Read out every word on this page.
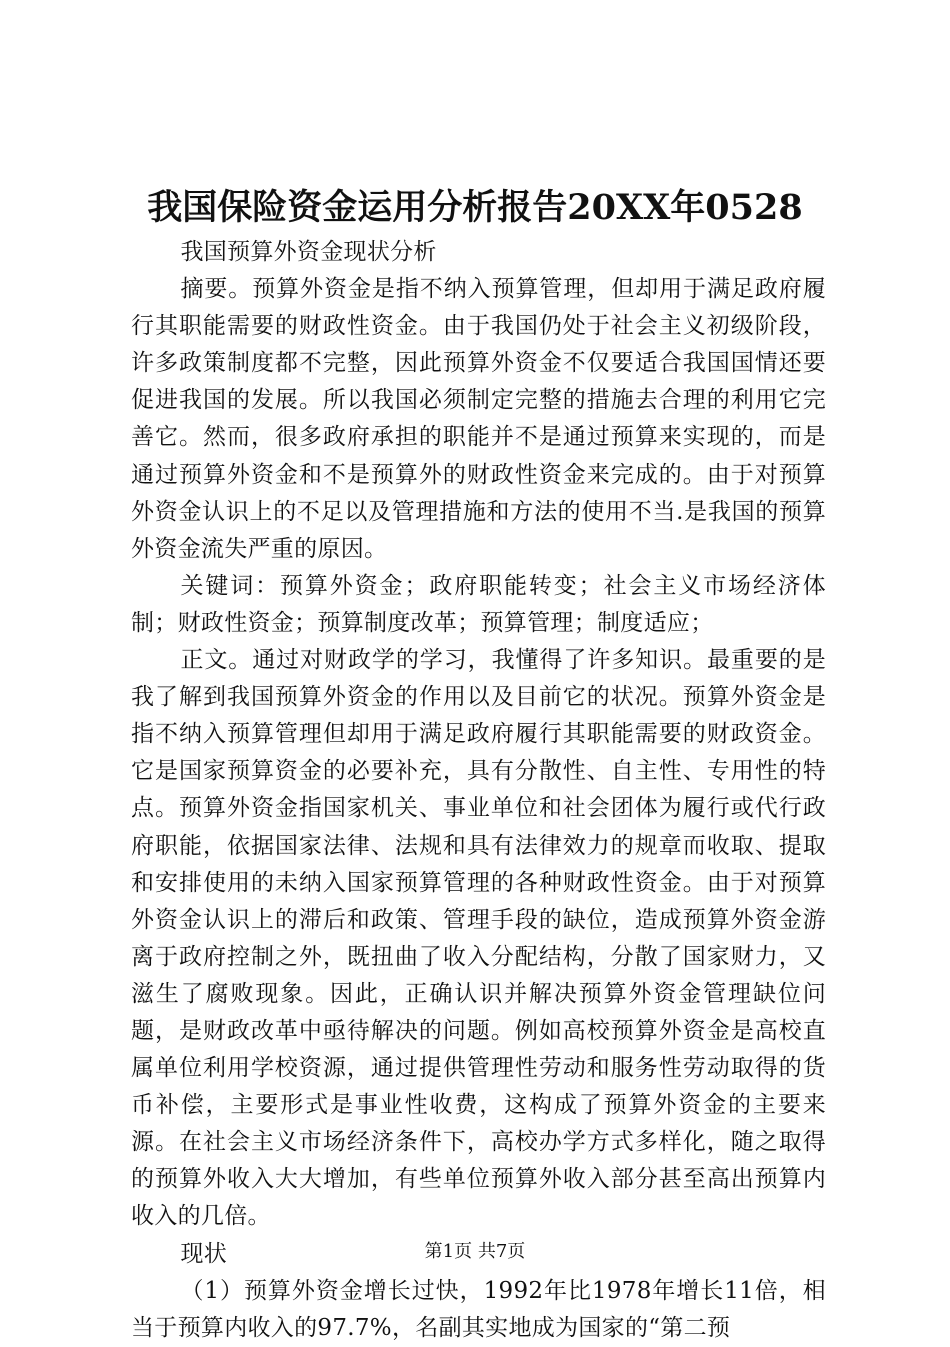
我国保险资金运用分析报告20XX年0528

我国预算外资金现状分析

摘要。预算外资金是指不纳入预算管理，但却用于满足政府履行其职能需要的财政性资金。由于我国仍处于社会主义初级阶段，许多政策制度都不完整，因此预算外资金不仅要适合我国国情还要促进我国的发展。所以我国必须制定完整的措施去合理的利用它完善它。然而，很多政府承担的职能并不是通过预算来实现的，而是通过预算外资金和不是预算外的财政性资金来完成的。由于对预算外资金认识上的不足以及管理措施和方法的使用不当.是我国的预算外资金流失严重的原因。

关键词：预算外资金；政府职能转变；社会主义市场经济体制；财政性资金；预算制度改革；预算管理；制度适应；

正文。通过对财政学的学习，我懂得了许多知识。最重要的是我了解到我国预算外资金的作用以及目前它的状况。预算外资金是指不纳入预算管理但却用于满足政府履行其职能需要的财政资金。它是国家预算资金的必要补充，具有分散性、自主性、专用性的特点。预算外资金指国家机关、事业单位和社会团体为履行或代行政府职能，依据国家法律、法规和具有法律效力的规章而收取、提取和安排使用的未纳入国家预算管理的各种财政性资金。由于对预算外资金认识上的滞后和政策、管理手段的缺位，造成预算外资金游离于政府控制之外，既扭曲了收入分配结构，分散了国家财力，又滋生了腐败现象。因此，正确认识并解决预算外资金管理缺位问题，是财政改革中亟待解决的问题。例如高校预算外资金是高校直属单位利用学校资源，通过提供管理性劳动和服务性劳动取得的货币补偿，主要形式是事业性收费，这构成了预算外资金的主要来源。在社会主义市场经济条件下，高校办学方式多样化，随之取得的预算外收入大大增加，有些单位预算外收入部分甚至高出预算内收入的几倍。

现状

（1）预算外资金增长过快，1992年比1978年增长11倍，相当于预算内收入的97.7%，名副其实地成为国家的“第二预

第1页 共7页
